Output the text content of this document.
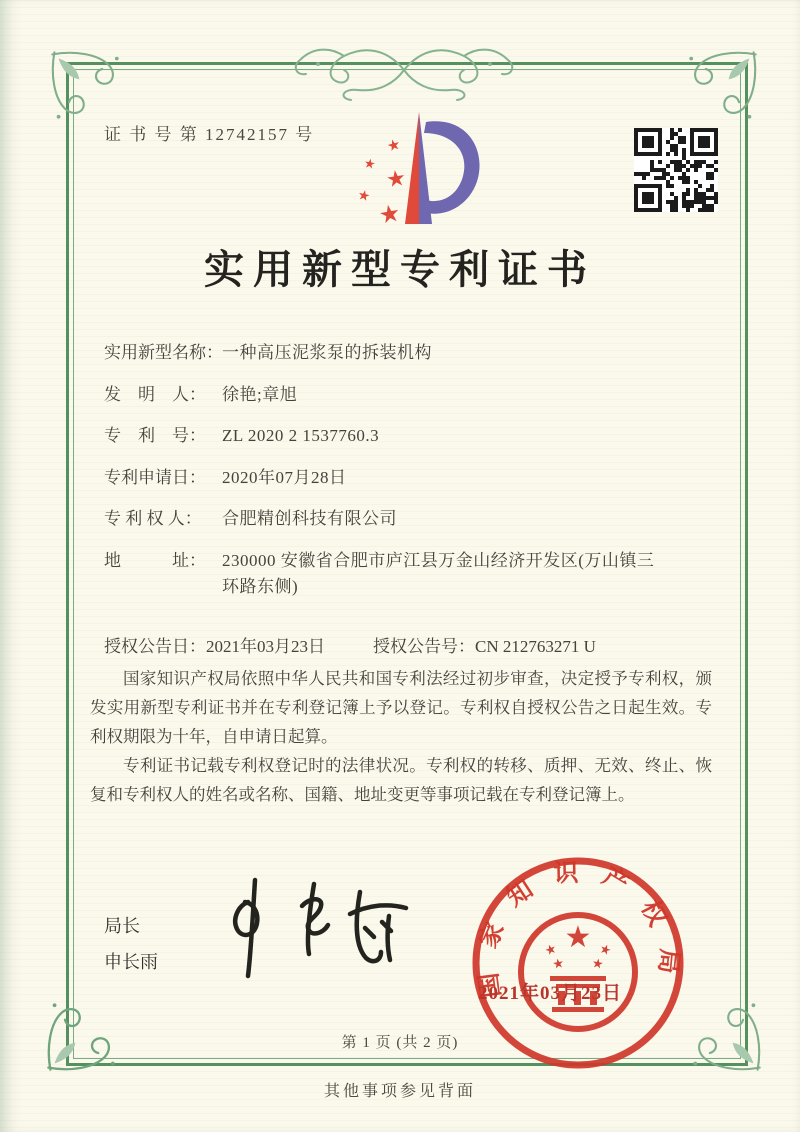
证 书 号 第 12742157 号
★
★
★
★
★
实用新型专利证书
实用新型名称：一种高压泥浆泵的拆装机构
发　明　人： 徐艳;章旭
专　利　号： ZL 2020 2 1537760.3
专利申请日： 2020年07月28日
专 利 权 人： 合肥精创科技有限公司
地　　　址： 230000 安徽省合肥市庐江县万金山经济开发区(万山镇三环路东侧)
授权公告日：2021年03月23日	授权公告号：CN 212763271 U

国家知识产权局依照中华人民共和国专利法经过初步审查，决定授予专利权，颁发实用新型专利证书并在专利登记簿上予以登记。专利权自授权公告之日起生效。专利权期限为十年，自申请日起算。

专利证书记载专利权登记时的法律状况。专利权的转移、质押、无效、终止、恢复和专利权人的姓名或名称、国籍、地址变更等事项记载在专利登记簿上。

局长
申长雨	国家知识产权局
★
★	★
★ ★
2021年03月23日
第 1 页 (共 2 页)
其他事项参见背面
